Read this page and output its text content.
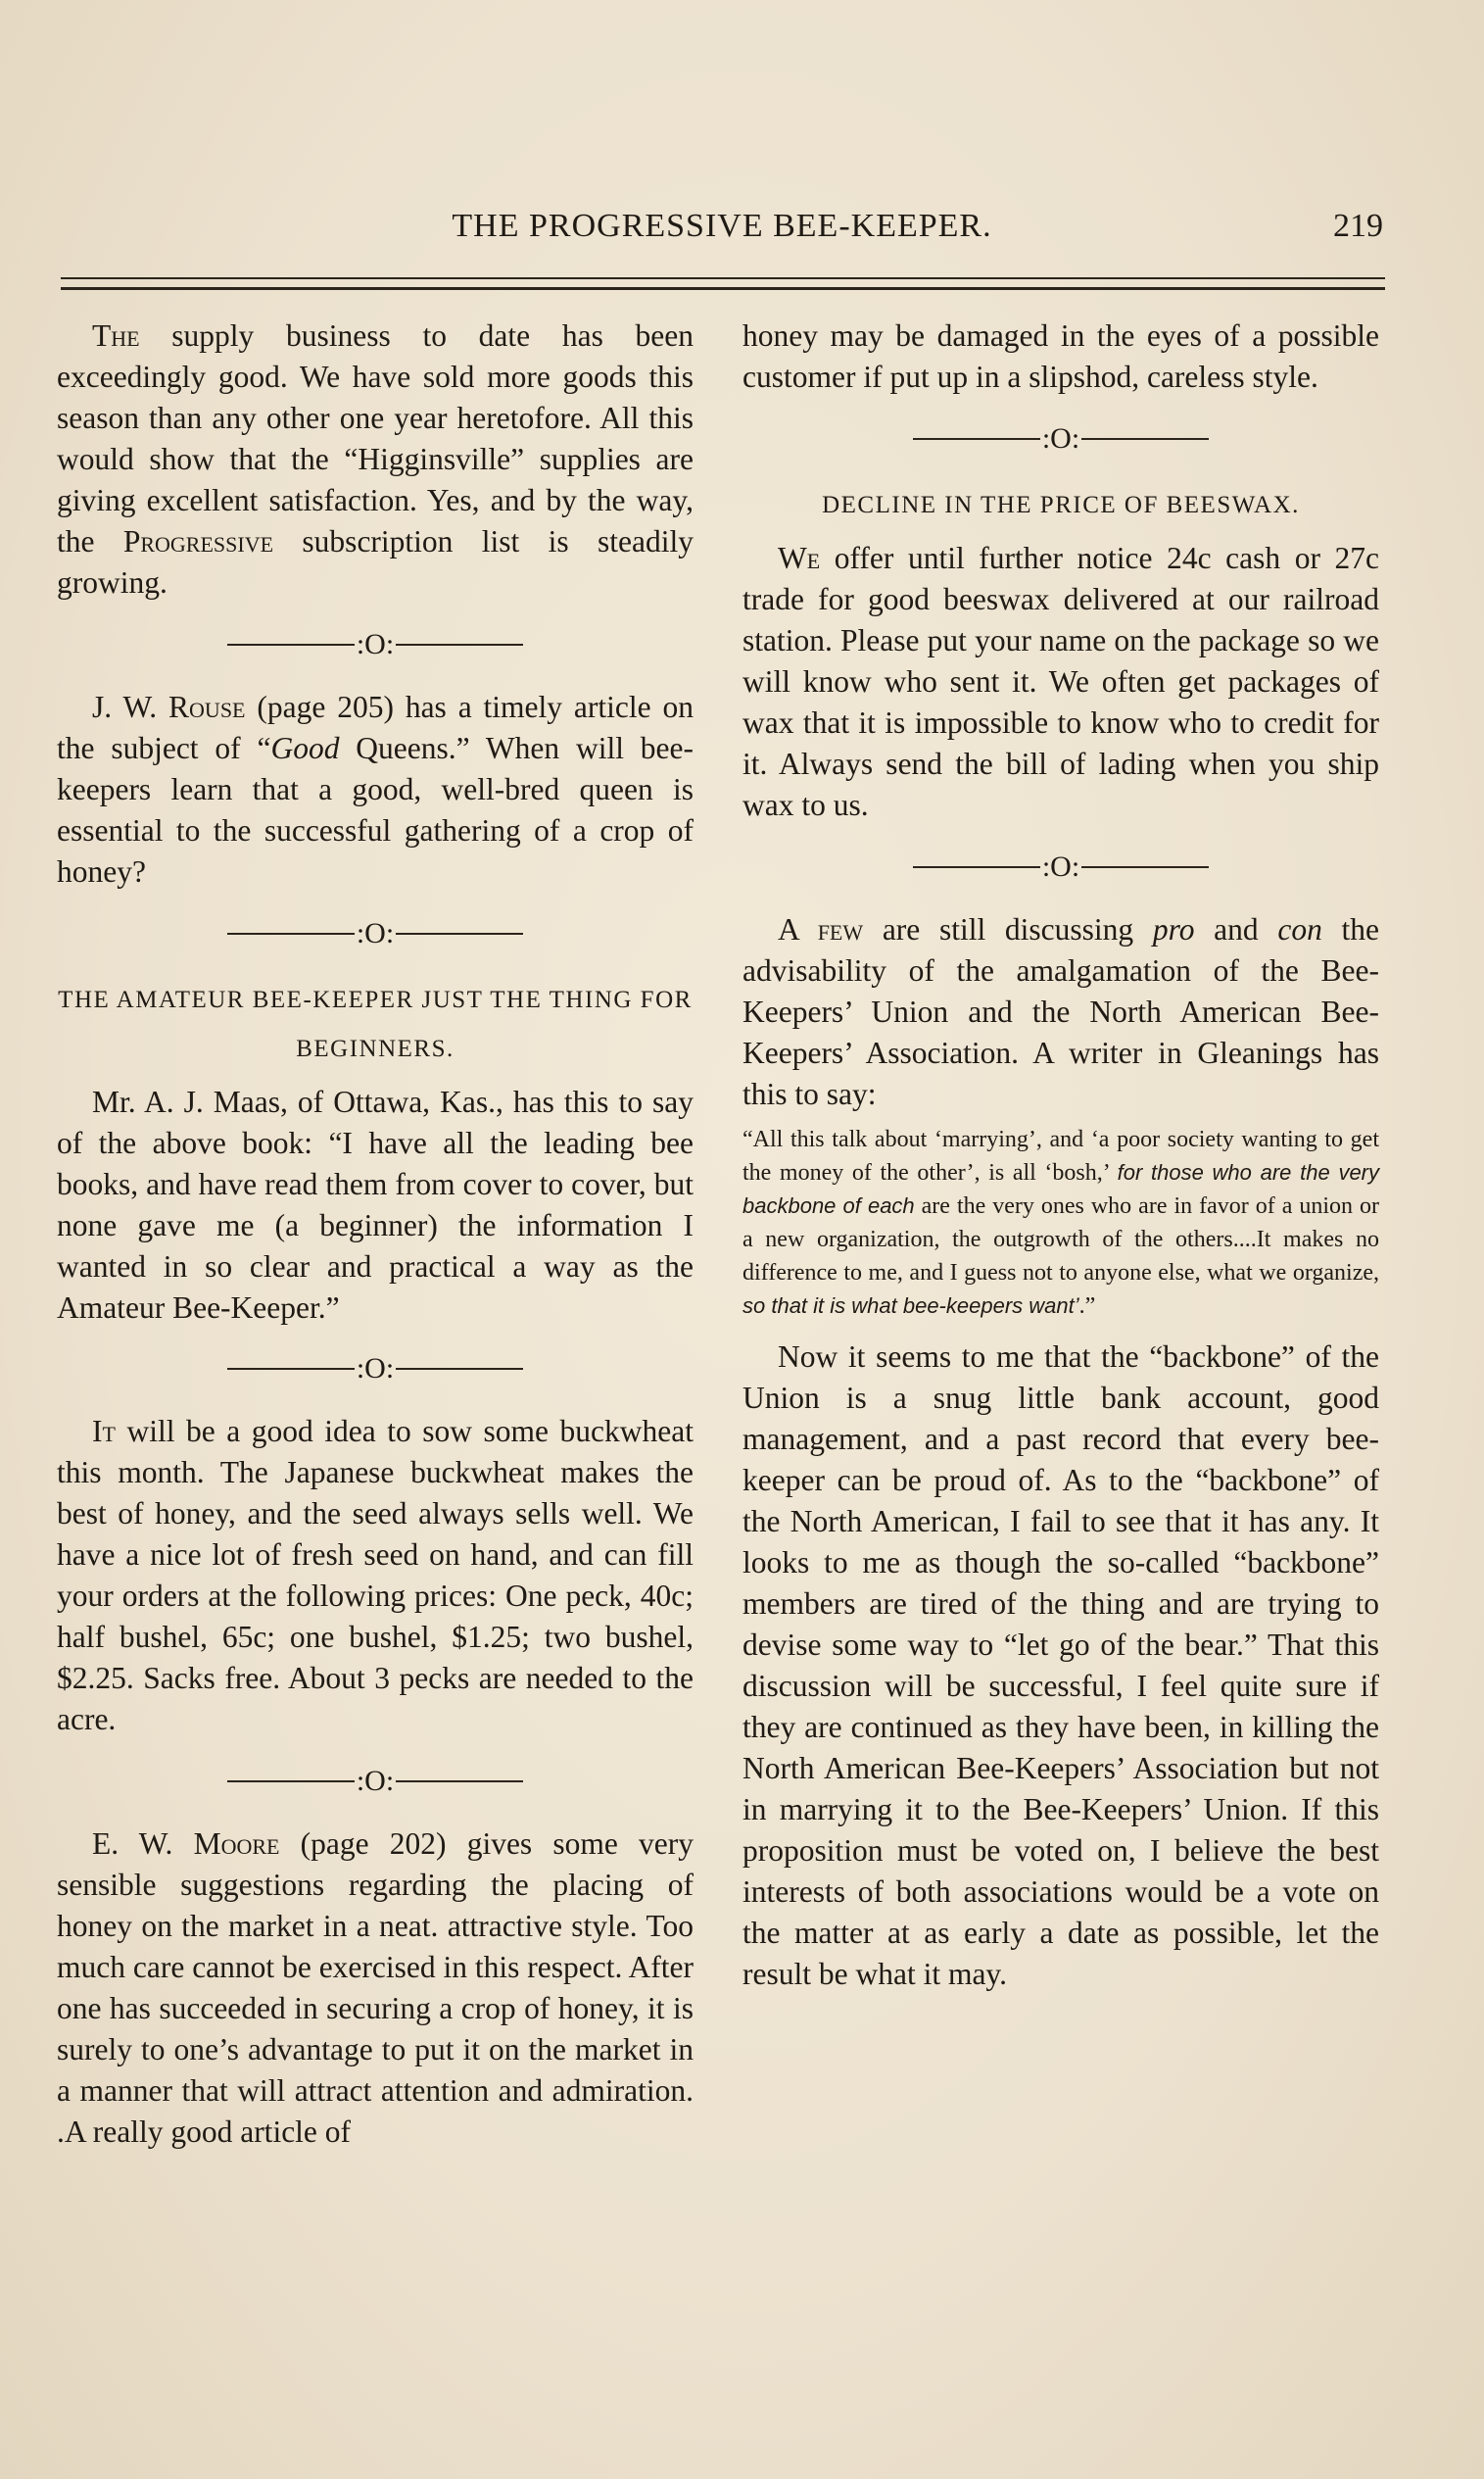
THE PROGRESSIVE BEE-KEEPER.	219

The supply business to date has been exceedingly good. We have sold more goods this season than any other one year heretofore. All this would show that the “Higginsville” supplies are giving excellent satisfaction. Yes, and by the way, the Progressive subscription list is steadily growing.

:O:

J. W. Rouse (page 205) has a timely article on the subject of “Good Queens.” When will bee-keepers learn that a good, well-bred queen is essential to the successful gathering of a crop of honey?

:O:
THE AMATEUR BEE-KEEPER JUST THE THING FOR BEGINNERS.

Mr. A. J. Maas, of Ottawa, Kas., has this to say of the above book: “I have all the leading bee books, and have read them from cover to cover, but none gave me (a beginner) the information I wanted in so clear and practical a way as the Amateur Bee-Keeper.”

:O:

It will be a good idea to sow some buckwheat this month. The Japanese buckwheat makes the best of honey, and the seed always sells well. We have a nice lot of fresh seed on hand, and can fill your orders at the following prices: One peck, 40c; half bushel, 65c; one bushel, $1.25; two bushel, $2.25. Sacks free. About 3 pecks are needed to the acre.

:O:

E. W. Moore (page 202) gives some very sensible suggestions regarding the placing of honey on the market in a neat. attractive style. Too much care cannot be exercised in this respect. After one has succeeded in securing a crop of honey, it is surely to one’s advantage to put it on the market in a manner that will attract attention and admiration. .A really good article of

honey may be damaged in the eyes of a possible customer if put up in a slipshod, careless style.

:O:
DECLINE IN THE PRICE OF BEESWAX.

We offer until further notice 24c cash or 27c trade for good beeswax delivered at our railroad station. Please put your name on the package so we will know who sent it. We often get packages of wax that it is impossible to know who to credit for it. Always send the bill of lading when you ship wax to us.

:O:

A few are still discussing pro and con the advisability of the amalgamation of the Bee-Keepers’ Union and the North American Bee-Keepers’ Association. A writer in Gleanings has this to say:

“All this talk about ‘marrying’, and ‘a poor society wanting to get the money of the other’, is all ‘bosh,’ for those who are the very backbone of each are the very ones who are in favor of a union or a new organization, the outgrowth of the others....It makes no difference to me, and I guess not to anyone else, what we organize, so that it is what bee-keepers want’.”

Now it seems to me that the “backbone” of the Union is a snug little bank account, good management, and a past record that every bee-keeper can be proud of. As to the “backbone” of the North American, I fail to see that it has any. It looks to me as though the so-called “backbone” members are tired of the thing and are trying to devise some way to “let go of the bear.” That this discussion will be successful, I feel quite sure if they are continued as they have been, in killing the North American Bee-Keepers’ Association but not in marrying it to the Bee-Keepers’ Union. If this proposition must be voted on, I believe the best interests of both associations would be a vote on the matter at as early a date as possible, let the result be what it may.
